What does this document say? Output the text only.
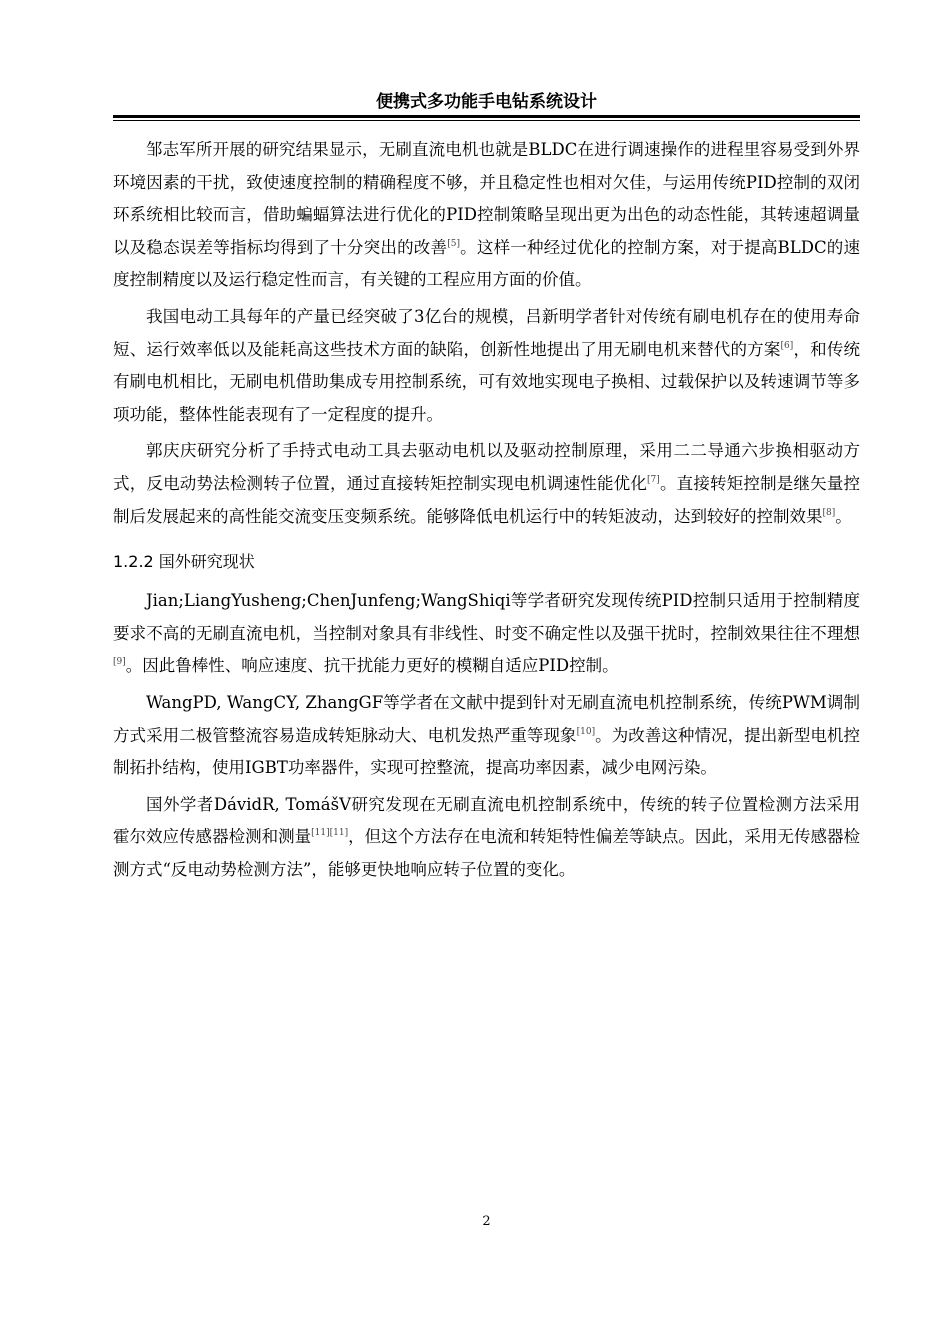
便携式多功能手电钻系统设计

邹志军所开展的研究结果显示，无刷直流电机也就是BLDC在进行调速操作的进程里容易受到外界环境因素的干扰，致使速度控制的精确程度不够，并且稳定性也相对欠佳，与运用传统PID控制的双闭环系统相比较而言，借助蝙蝠算法进行优化的PID控制策略呈现出更为出色的动态性能，其转速超调量以及稳态误差等指标均得到了十分突出的改善[5]。这样一种经过优化的控制方案，对于提高BLDC的速度控制精度以及运行稳定性而言，有关键的工程应用方面的价值。

我国电动工具每年的产量已经突破了3亿台的规模，吕新明学者针对传统有刷电机存在的使用寿命短、运行效率低以及能耗高这些技术方面的缺陷，创新性地提出了用无刷电机来替代的方案[6]，和传统有刷电机相比，无刷电机借助集成专用控制系统，可有效地实现电子换相、过载保护以及转速调节等多项功能，整体性能表现有了一定程度的提升。

郭庆庆研究分析了手持式电动工具去驱动电机以及驱动控制原理，采用二二导通六步换相驱动方式，反电动势法检测转子位置，通过直接转矩控制实现电机调速性能优化[7]。直接转矩控制是继矢量控制后发展起来的高性能交流变压变频系统。能够降低电机运行中的转矩波动，达到较好的控制效果[8]。

1.2.2 国外研究现状

Jian;LiangYusheng;ChenJunfeng;WangShiqi等学者研究发现传统PID控制只适用于控制精度要求不高的无刷直流电机，当控制对象具有非线性、时变不确定性以及强干扰时，控制效果往往不理想[9]。因此鲁棒性、响应速度、抗干扰能力更好的模糊自适应PID控制。

WangPD, WangCY, ZhangGF等学者在文献中提到针对无刷直流电机控制系统，传统PWM调制方式采用二极管整流容易造成转矩脉动大、电机发热严重等现象[10]。为改善这种情况，提出新型电机控制拓扑结构，使用IGBT功率器件，实现可控整流，提高功率因素，减少电网污染。

国外学者DávidR, TomášV研究发现在无刷直流电机控制系统中，传统的转子位置检测方法采用霍尔效应传感器检测和测量[11][11]，但这个方法存在电流和转矩特性偏差等缺点。因此，采用无传感器检测方式“反电动势检测方法”，能够更快地响应转子位置的变化。

2
